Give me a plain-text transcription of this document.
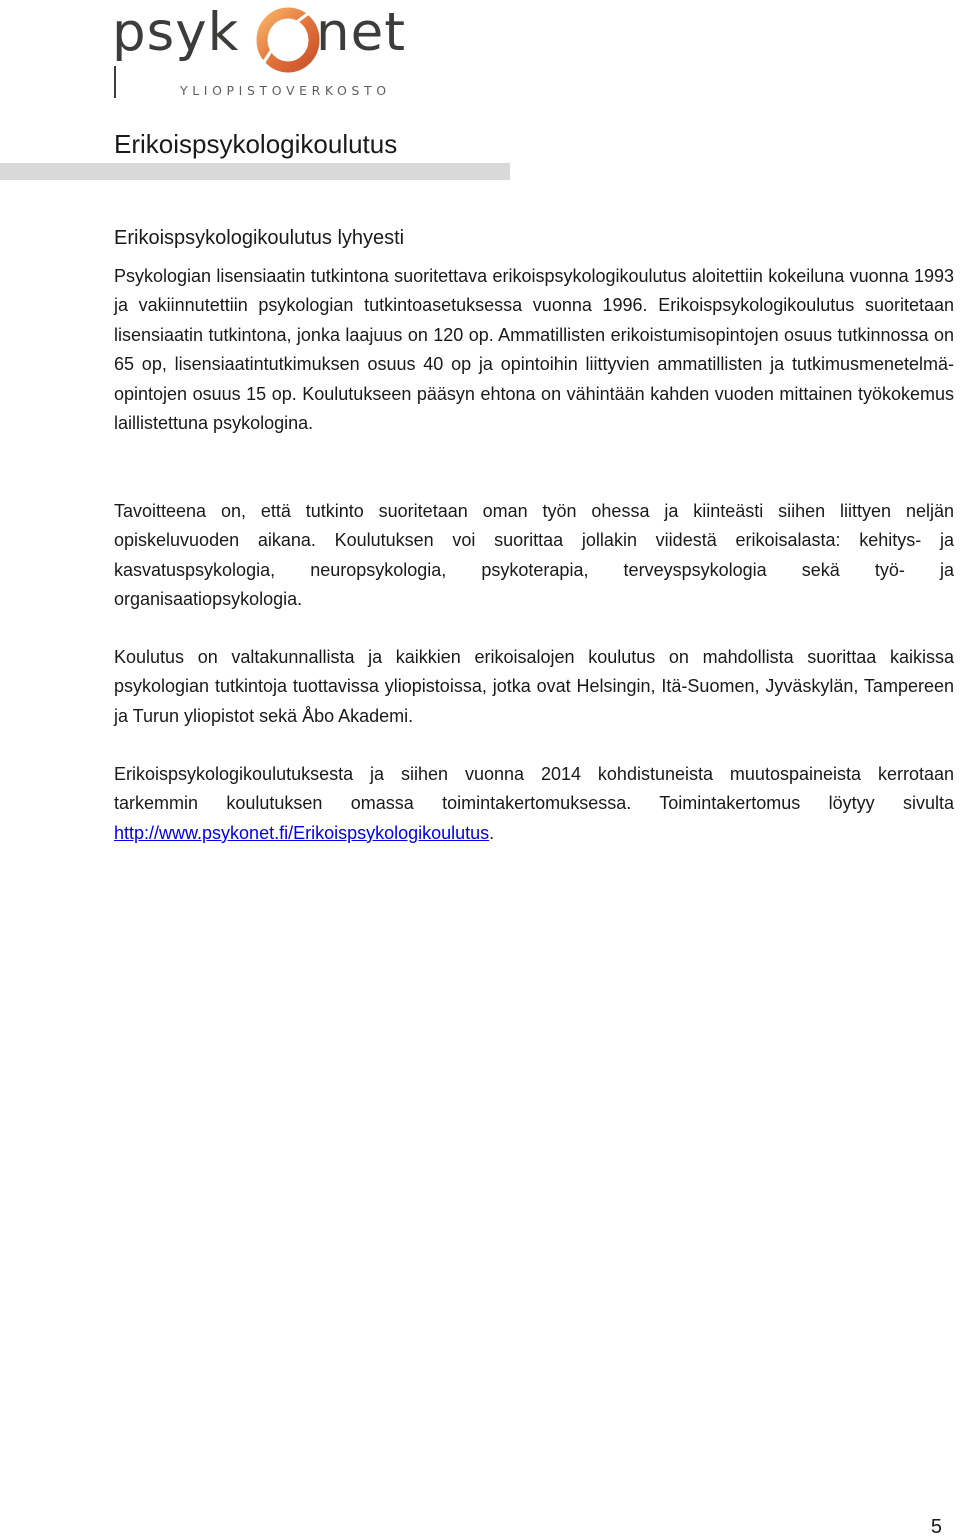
psyk net
YLIOPISTOVERKOSTO
Erikoispsykologikoulutus
Erikoispsykologikoulutus lyhyesti

Psykologian lisensiaatin tutkintona suoritettava erikoispsykologikoulutus aloitettiin kokeiluna vuonna 1993 ja vakiinnutettiin psykologian tutkintoasetuksessa vuonna 1996. Erikoispsykologikoulutus suoritetaan lisensiaatin tutkintona, jonka laajuus on 120 op. Ammatillisten erikoistumisopintojen osuus tutkinnossa on 65 op, lisensiaatintutkimuksen osuus 40 op ja opintoihin liittyvien ammatillisten ja tutkimusmenetelmä-opintojen osuus 15 op. Koulutukseen pääsyn ehtona on vähintään kahden vuoden mittainen työkokemus laillistettuna psykologina.

Tavoitteena on, että tutkinto suoritetaan oman työn ohessa ja kiinteästi siihen liittyen neljän opiskeluvuoden aikana. Koulutuksen voi suorittaa jollakin viidestä erikoisalasta: kehitys- ja kasvatuspsykologia, neuropsykologia, psykoterapia, terveyspsykologia sekä työ- ja organisaatiopsykologia.

Koulutus on valtakunnallista ja kaikkien erikoisalojen koulutus on mahdollista suorittaa kaikissa psykologian tutkintoja tuottavissa yliopistoissa, jotka ovat Helsingin, Itä-Suomen, Jyväskylän, Tampereen ja Turun yliopistot sekä Åbo Akademi.

Erikoispsykologikoulutuksesta ja siihen vuonna 2014 kohdistuneista muutospaineista kerrotaan tarkemmin koulutuksen omassa toimintakertomuksessa. Toimintakertomus löytyy sivulta http://www.psykonet.fi/Erikoispsykologikoulutus.

5
